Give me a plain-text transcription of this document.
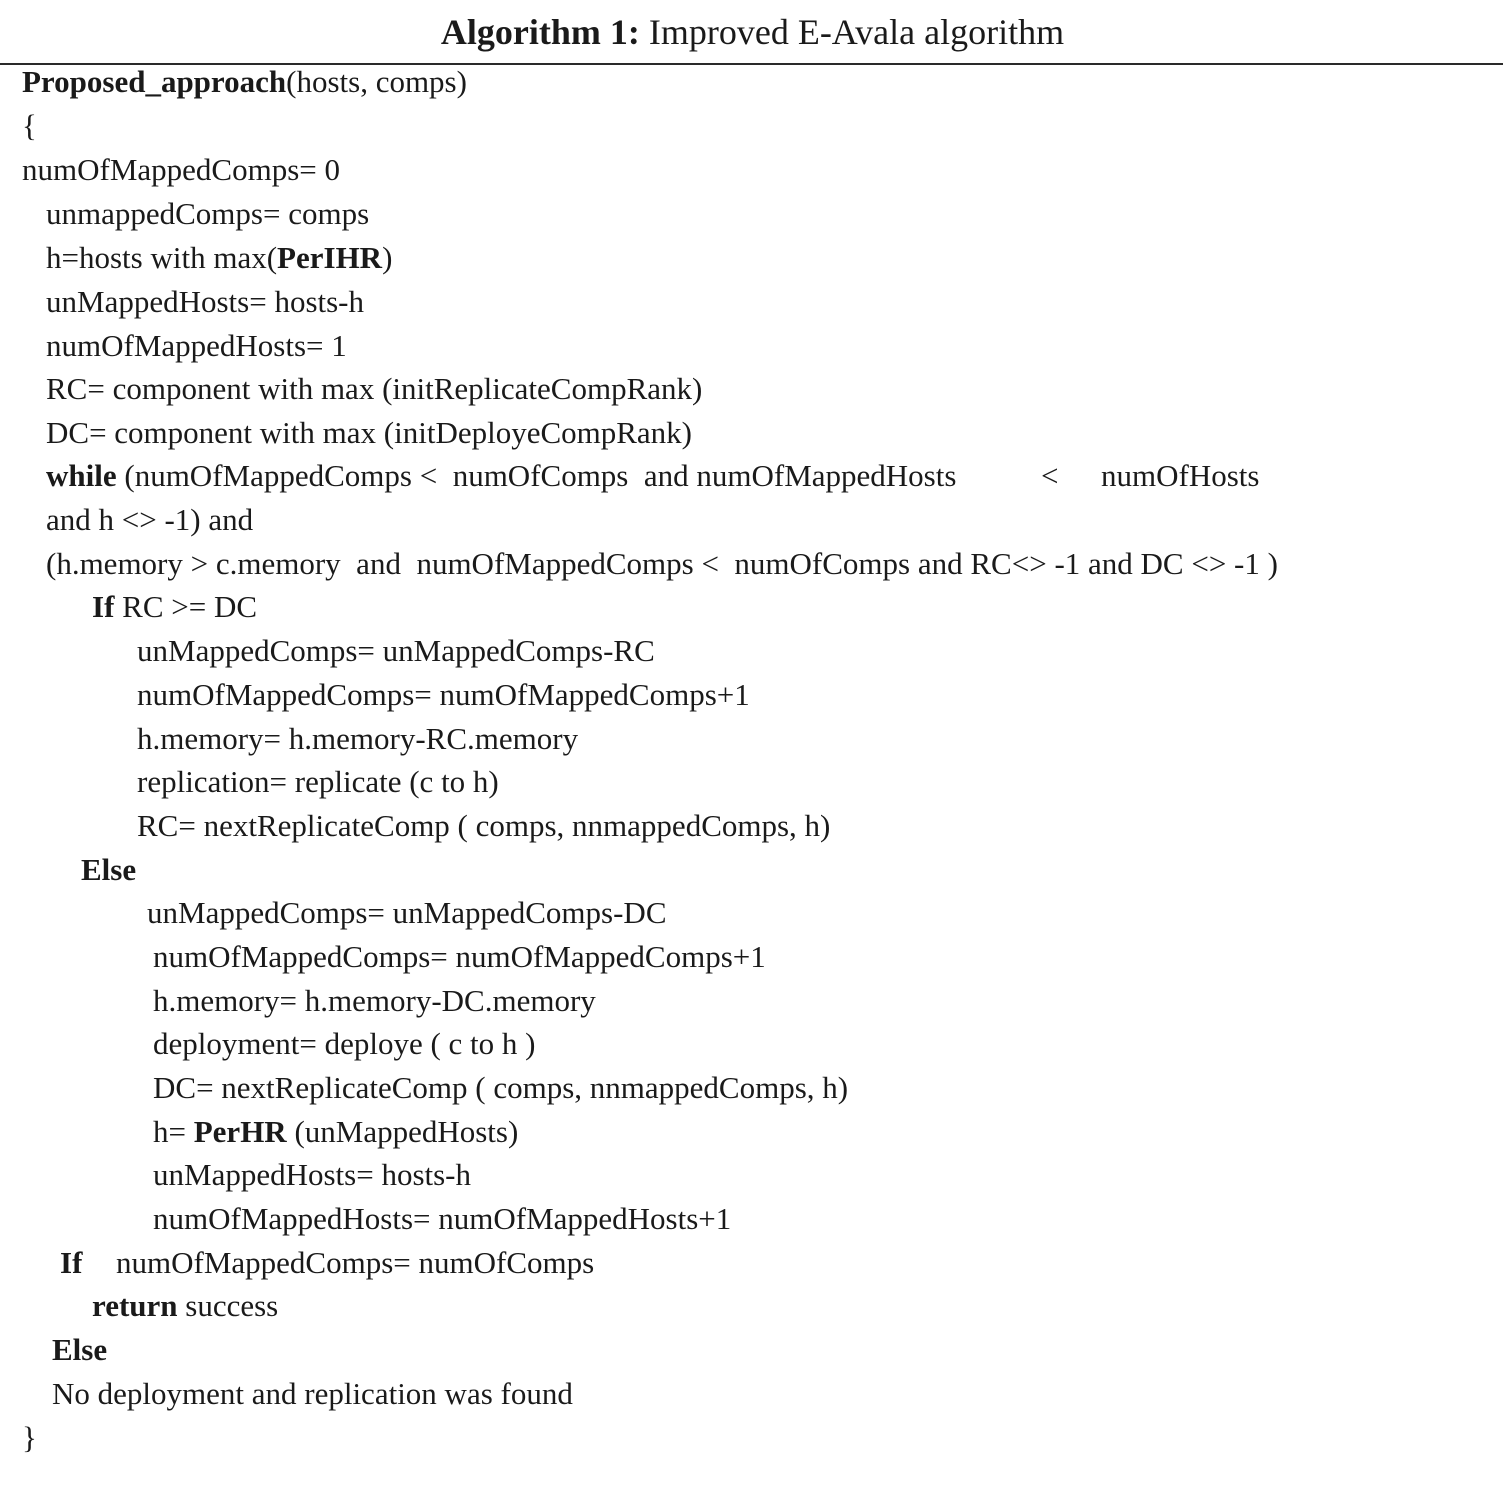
Algorithm 1: Improved E-Avala algorithm
Proposed_approach(hosts, comps)
{
numOfMappedComps= 0
unmappedComps= comps
h=hosts with max(PerIHR)
unMappedHosts= hosts-h
numOfMappedHosts= 1
RC= component with max (initReplicateCompRank)
DC= component with max (initDeployeCompRank)
while (numOfMappedComps <  numOfComps  and numOfMappedHosts	< numOfHosts
and h <> -1) and
(h.memory > c.memory  and  numOfMappedComps <  numOfComps and RC<> -1 and DC <> -1 )
If RC >= DC
unMappedComps= unMappedComps-RC
numOfMappedComps= numOfMappedComps+1
h.memory= h.memory-RC.memory
replication= replicate (c to h)
RC= nextReplicateComp ( comps, nnmappedComps, h)
Else
unMappedComps= unMappedComps-DC
numOfMappedComps= numOfMappedComps+1
h.memory= h.memory-DC.memory
deployment= deploye ( c to h )
DC= nextReplicateComp ( comps, nnmappedComps, h)
h= PerHR (unMappedHosts)
unMappedHosts= hosts-h
numOfMappedHosts= numOfMappedHosts+1
If numOfMappedComps= numOfComps
return success
Else
No deployment and replication was found
}
